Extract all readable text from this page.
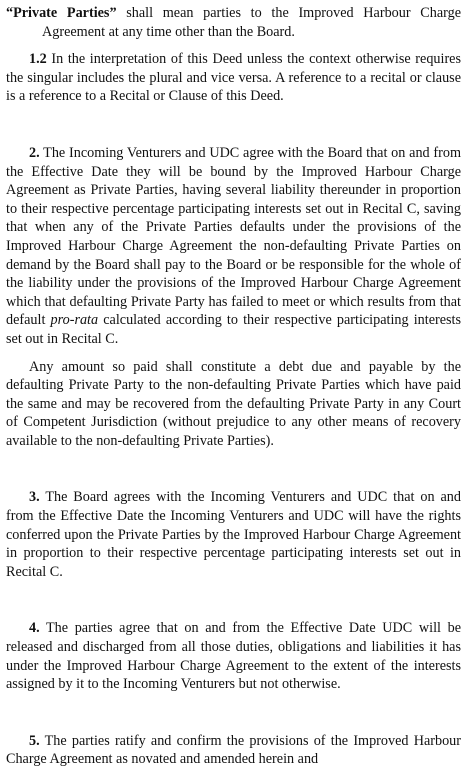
“Private Parties” shall mean parties to the Improved Harbour Charge Agreement at any time other than the Board.

1.2 In the interpretation of this Deed unless the context otherwise requires the singular includes the plural and vice versa. A reference to a recital or clause is a reference to a Recital or Clause of this Deed.

2. The Incoming Venturers and UDC agree with the Board that on and from the Effective Date they will be bound by the Improved Harbour Charge Agreement as Private Parties, having several liability thereunder in proportion to their respective percentage participating interests set out in Recital C, saving that when any of the Private Parties defaults under the provisions of the Improved Harbour Charge Agreement the non-defaulting Private Parties on demand by the Board shall pay to the Board or be responsible for the whole of the liability under the provisions of the Improved Harbour Charge Agreement which that defaulting Private Party has failed to meet or which results from that default pro-rata calculated according to their respective participating interests set out in Recital C.

Any amount so paid shall constitute a debt due and payable by the defaulting Private Party to the non-defaulting Private Parties which have paid the same and may be recovered from the defaulting Private Party in any Court of Competent Jurisdiction (without prejudice to any other means of recovery available to the non-defaulting Private Parties).

3. The Board agrees with the Incoming Venturers and UDC that on and from the Effective Date the Incoming Venturers and UDC will have the rights conferred upon the Private Parties by the Improved Harbour Charge Agreement in proportion to their respective percentage participating interests set out in Recital C.

4. The parties agree that on and from the Effective Date UDC will be released and discharged from all those duties, obligations and liabilities it has under the Improved Harbour Charge Agreement to the extent of the interests assigned by it to the Incoming Venturers but not otherwise.

5. The parties ratify and confirm the provisions of the Improved Harbour Charge Agreement as novated and amended herein and
